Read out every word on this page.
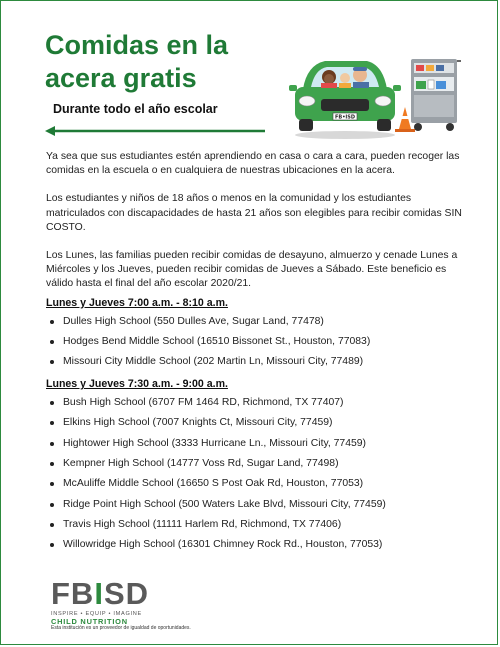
Comidas en la acera gratis
Durante todo el año escolar
FB•ISD

Ya sea que sus estudiantes estén aprendiendo en casa o cara a cara, pueden recoger las comidas en la escuela o en cualquiera de nuestras ubicaciones en la acera.

Los estudiantes y niños de 18 años o menos en la comunidad y los estudiantes matriculados con discapacidades de hasta 21 años son elegibles para recibir comidas SIN COSTO.

Los Lunes, las familias pueden recibir comidas de desayuno, almuerzo y cenade Lunes a Miércoles y los Jueves, pueden recibir comidas de Jueves a Sábado. Este beneficio es válido hasta el final del año escolar 2020/21.

Lunes y Jueves 7:00 a.m. - 8:10 a.m.
Dulles High School (550 Dulles Ave, Sugar Land, 77478)
Hodges Bend Middle School (16510 Bissonet St., Houston, 77083)
Missouri City Middle School (202 Martin Ln, Missouri City, 77489)
Lunes y Jueves 7:30 a.m. - 9:00 a.m.
Bush High School (6707 FM 1464 RD, Richmond, TX 77407)
Elkins High School (7007 Knights Ct, Missouri City, 77459)
Hightower High School (3333 Hurricane Ln., Missouri City, 77459)
Kempner High School (14777 Voss Rd, Sugar Land, 77498)
McAuliffe Middle School (16650 S Post Oak Rd, Houston, 77053)
Ridge Point High School (500 Waters Lake Blvd, Missouri City, 77459)
Travis High School (11111 Harlem Rd, Richmond, TX 77406)
Willowridge High School (16301 Chimney Rock Rd., Houston, 77053)
FBISD
INSPIRE • EQUIP • IMAGINE
CHILD NUTRITION
Esta institución es un proveedor de igualdad de oportunidades.
